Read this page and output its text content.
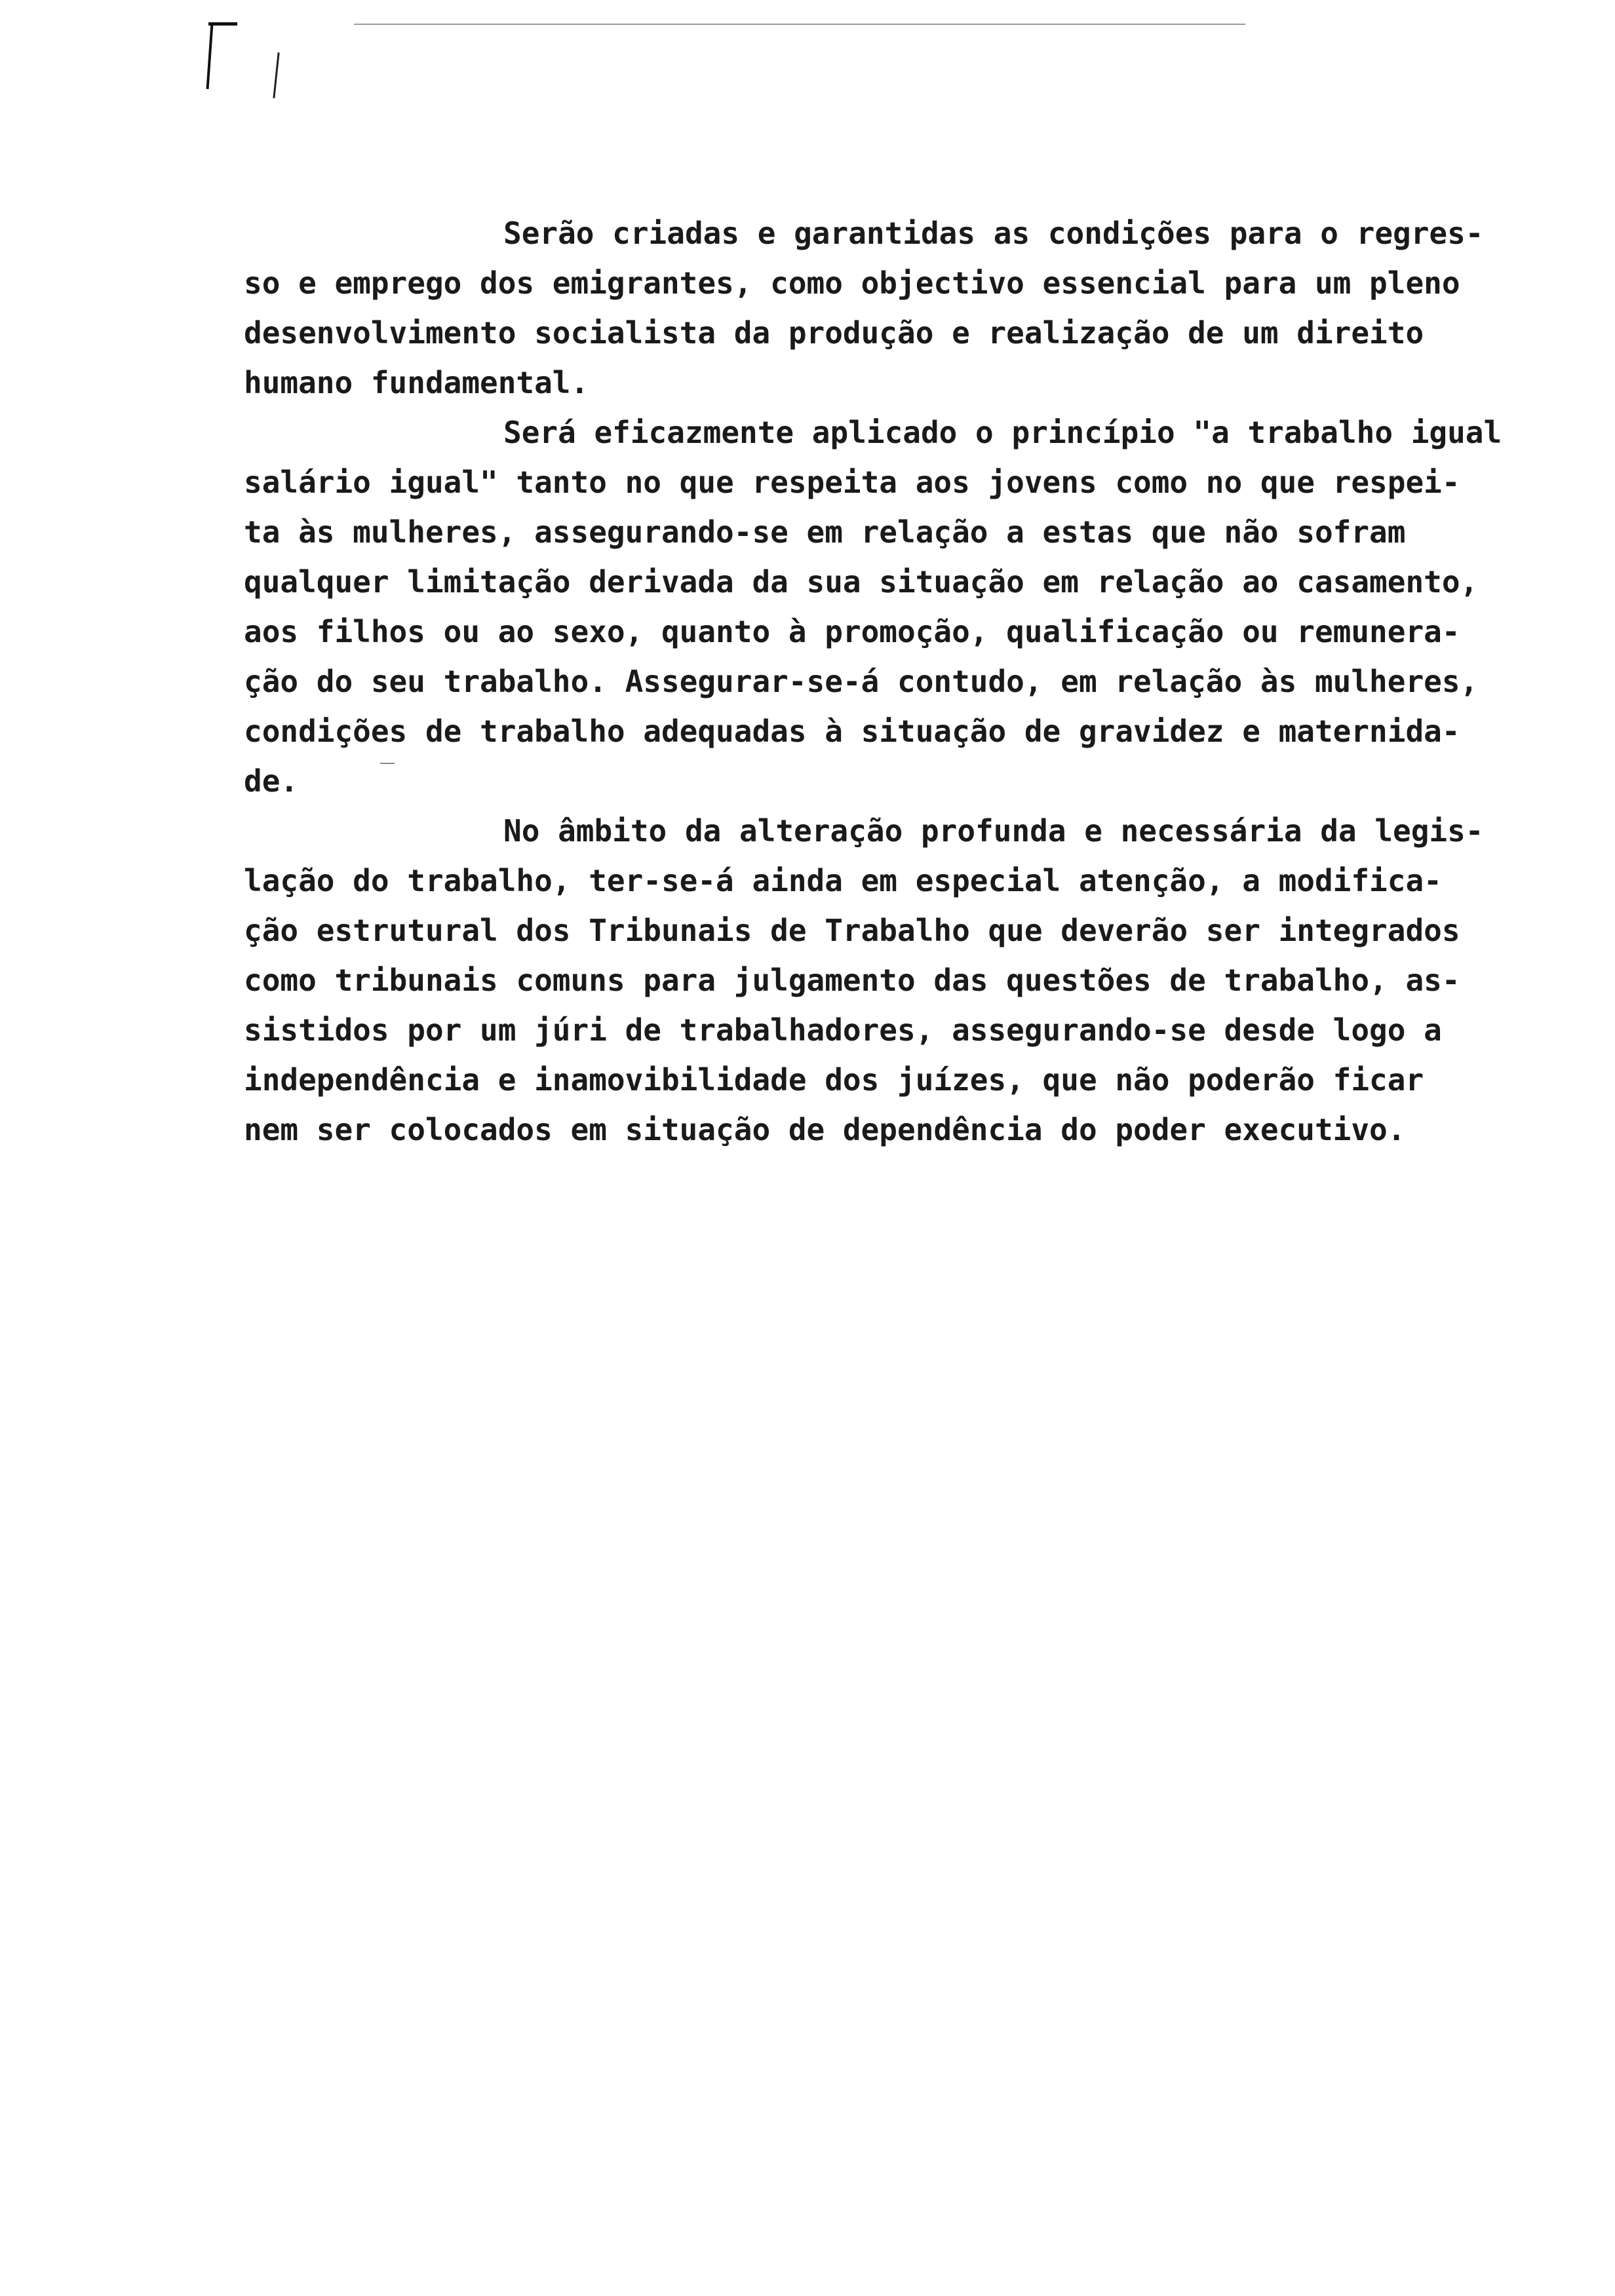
Serão criadas e garantidas as condições para o regres-
so e emprego dos emigrantes, como objectivo essencial para um pleno
desenvolvimento socialista da produção e realização de um direito
humano fundamental.

Será eficazmente aplicado o princípio "a trabalho igual
salário igual" tanto no que respeita aos jovens como no que respei-
ta às mulheres, assegurando-se em relação a estas que não sofram
qualquer limitação derivada da sua situação em relação ao casamento,
aos filhos ou ao sexo, quanto à promoção, qualificação ou remunera-
ção do seu trabalho. Assegurar-se-á contudo, em relação às mulheres,
condições de trabalho adequadas à situação de gravidez e maternida-
de.

No âmbito da alteração profunda e necessária da legis-
lação do trabalho, ter-se-á ainda em especial atenção, a modifica-
ção estrutural dos Tribunais de Trabalho que deverão ser integrados
como tribunais comuns para julgamento das questões de trabalho, as-
sistidos por um júri de trabalhadores, assegurando-se desde logo a
independência e inamovibilidade dos juízes, que não poderão ficar
nem ser colocados em situação de dependência do poder executivo.
